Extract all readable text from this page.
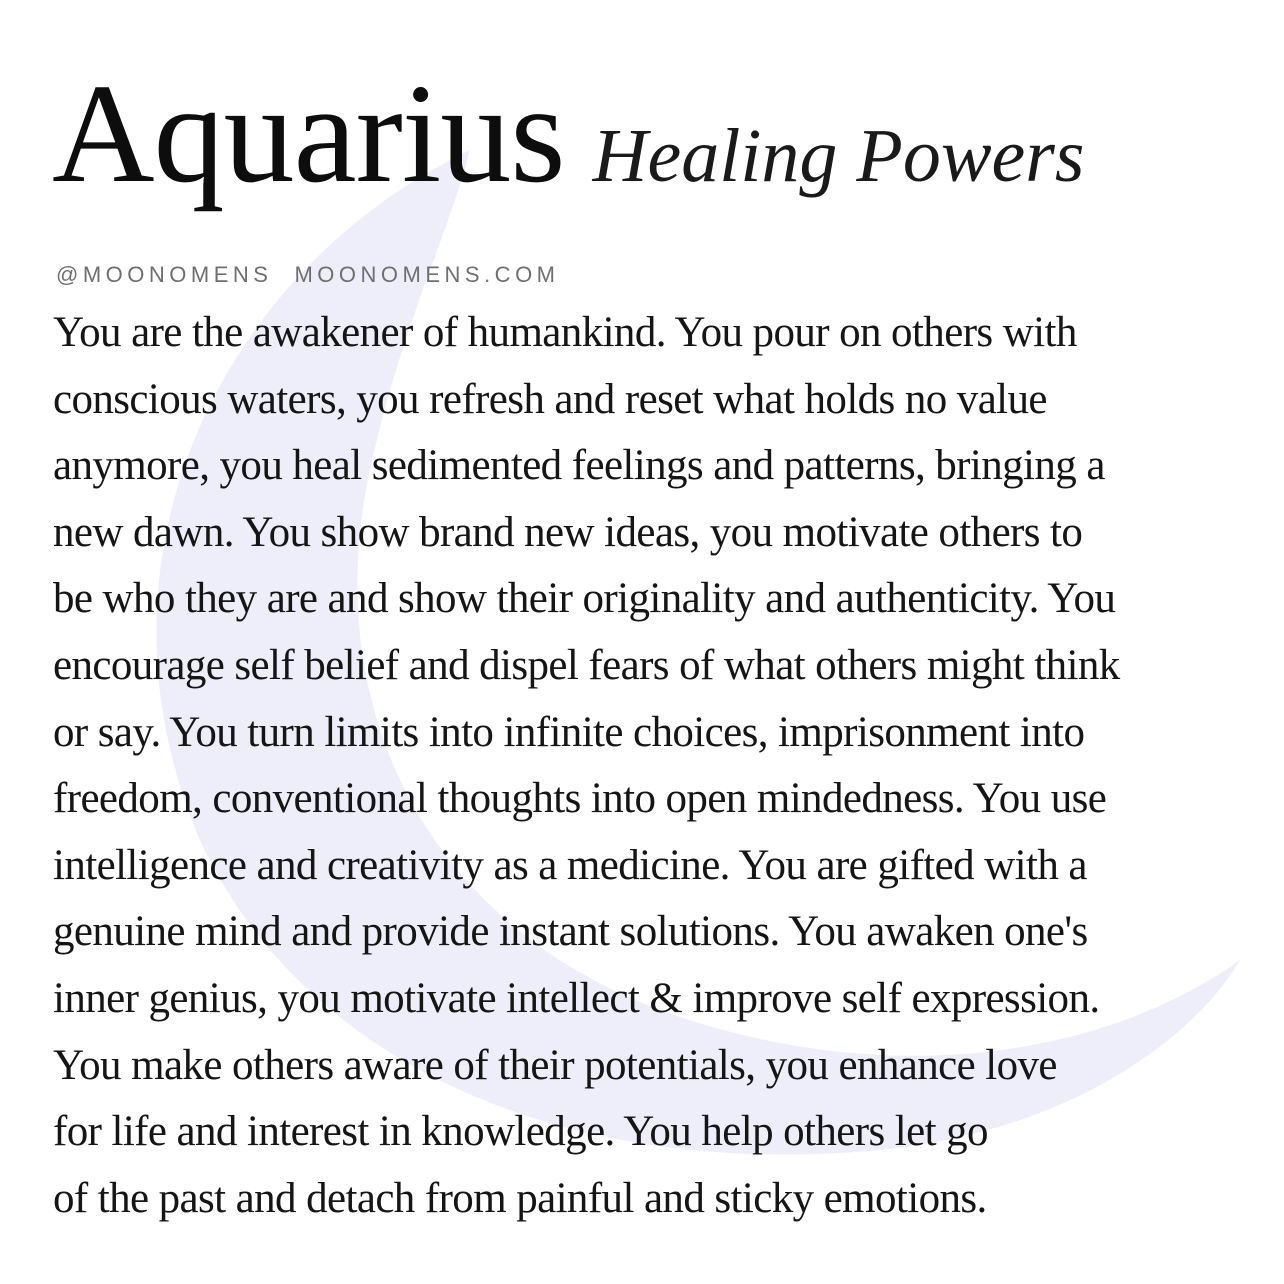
Aquarius Healing Powers
@MOONOMENS MOONOMENS.COM
You are the awakener of humankind. You pour on others with
conscious waters, you refresh and reset what holds no value
anymore, you heal sedimented feelings and patterns, bringing a
new dawn. You show brand new ideas, you motivate others to
be who they are and show their originality and authenticity. You
encourage self belief and dispel fears of what others might think
or say. You turn limits into infinite choices, imprisonment into
freedom, conventional thoughts into open mindedness. You use
intelligence and creativity as a medicine. You are gifted with a
genuine mind and provide instant solutions. You awaken one's
inner genius, you motivate intellect & improve self expression.
You make others aware of their potentials, you enhance love
for life and interest in knowledge. You help others let go
of the past and detach from painful and sticky emotions.
